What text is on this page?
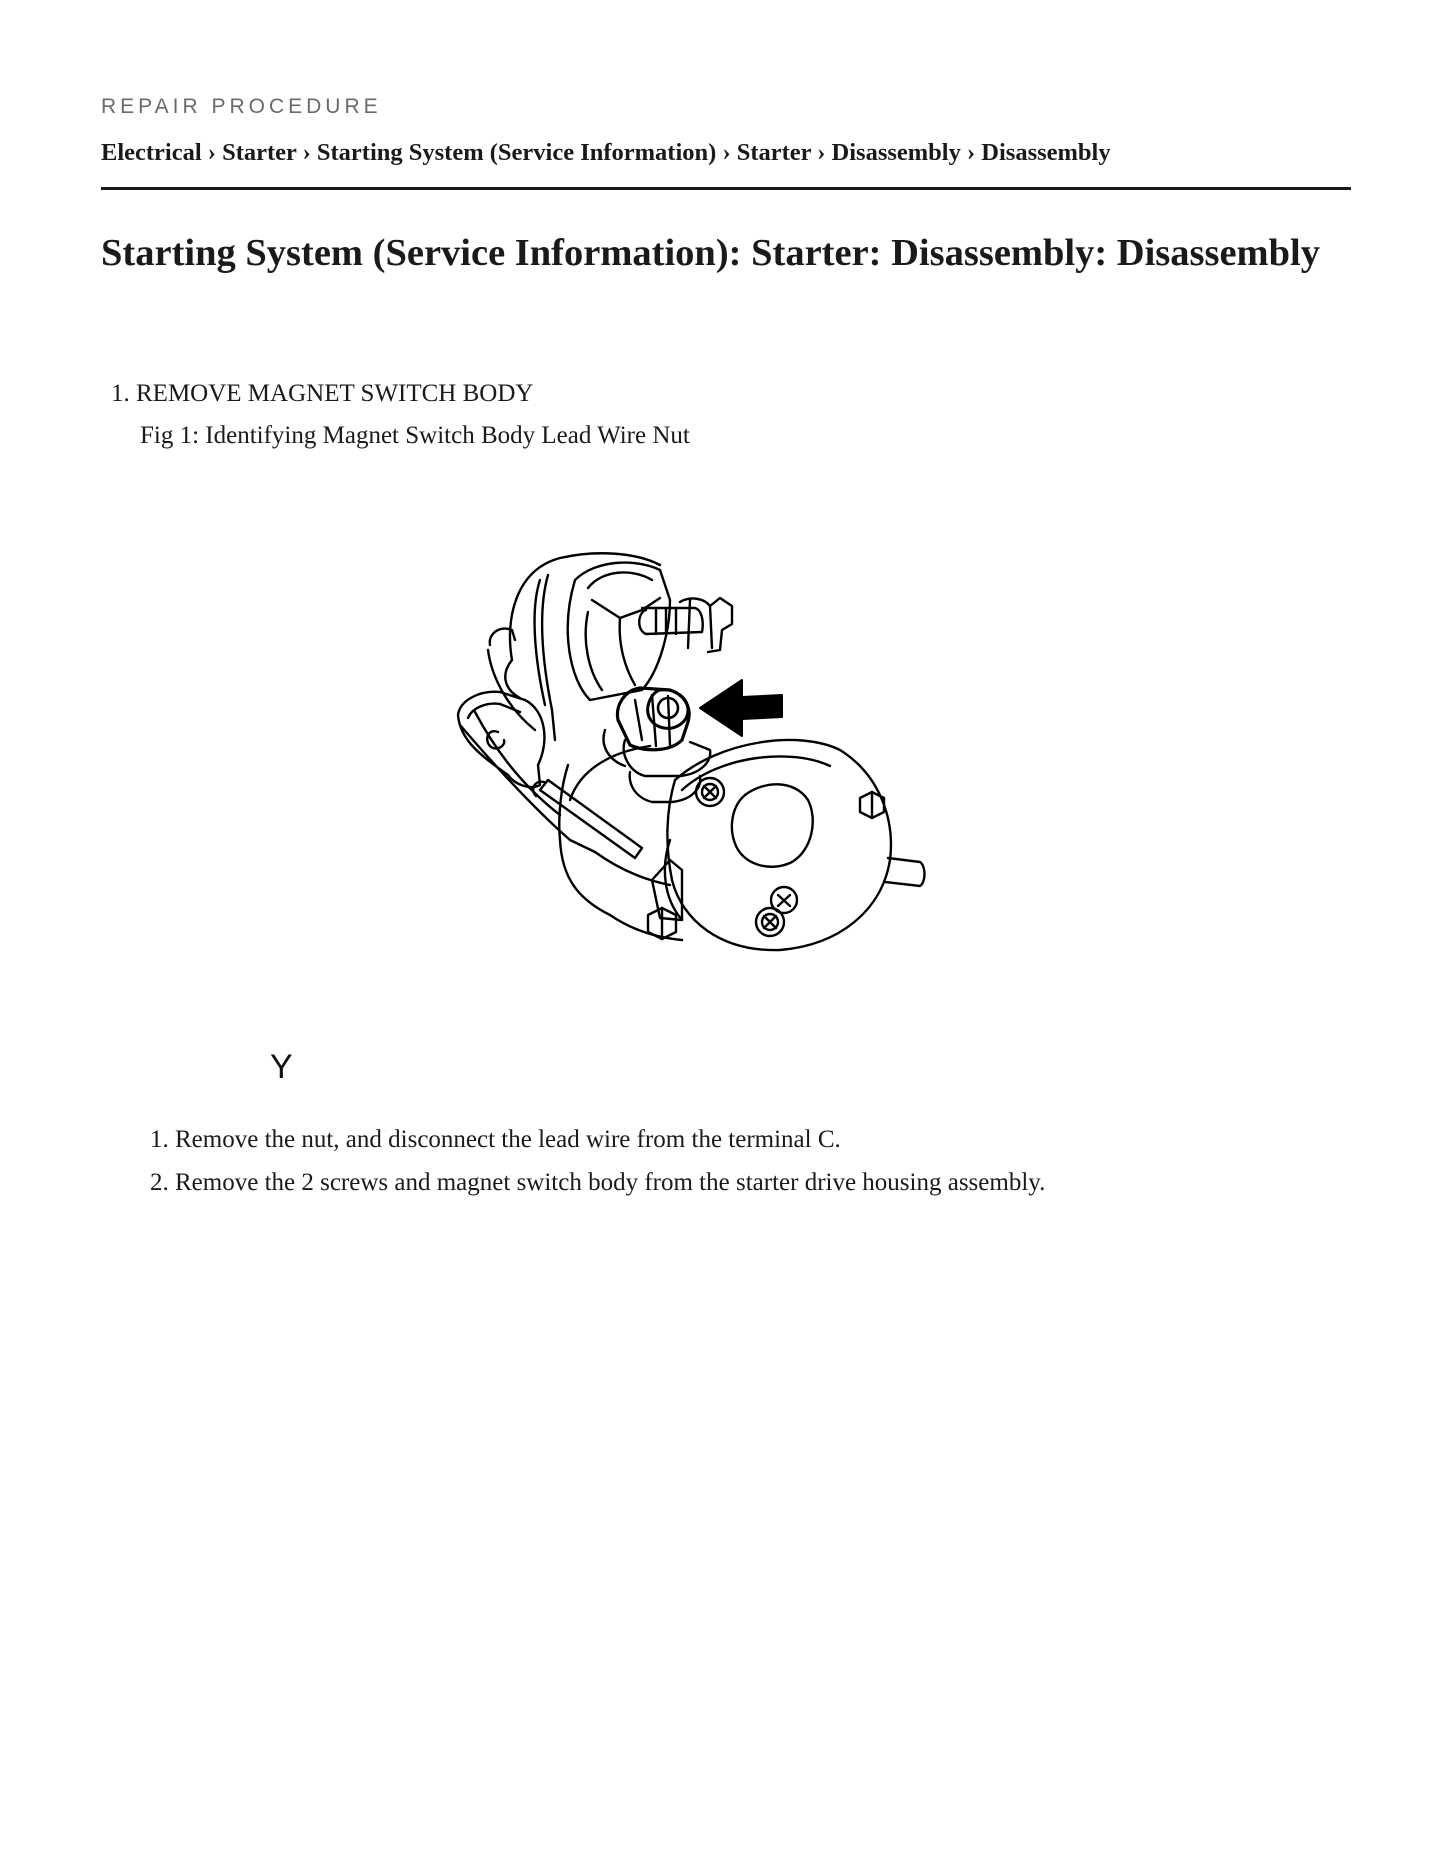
REPAIR PROCEDURE
Electrical › Starter › Starting System (Service Information) › Starter › Disassembly › Disassembly
Starting System (Service Information): Starter: Disassembly: Disassembly
1. REMOVE MAGNET SWITCH BODY
Fig 1: Identifying Magnet Switch Body Lead Wire Nut
Y
1. Remove the nut, and disconnect the lead wire from the terminal C.
2. Remove the 2 screws and magnet switch body from the starter drive housing assembly.
